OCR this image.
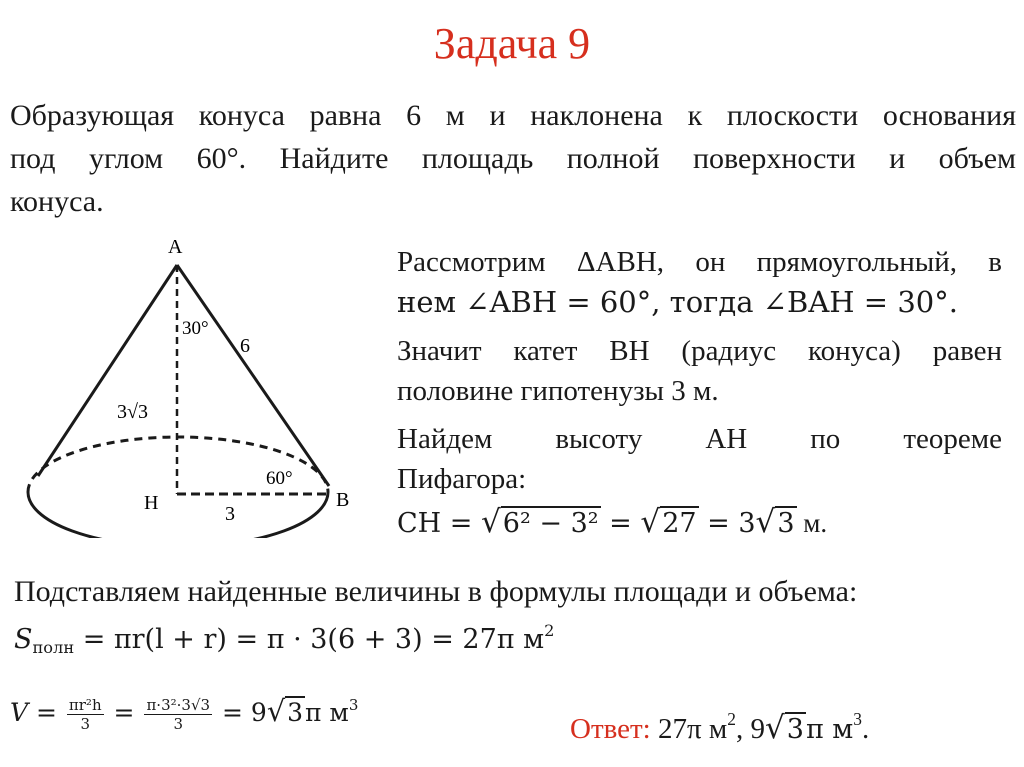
Задача 9
Образующая конуса равна 6 м и наклонена к плоскости основания
под углом 60°. Найдите площадь полной поверхности и объем
конуса.
A
H	B
30°
60°
6
3
3√3
Рассмотрим ΔABH, он прямоугольный, в
нем ∠ABH = 60°, тогда ∠BAH = 30°.
Значит катет BH (радиус конуса) равен
половине гипотенузы 3 м.
Найдем высоту AH по теореме
Пифагора:
CH = √6² − 3² = √27 = 3√3 м.
Подставляем найденные величины в формулы площади и объема:
$S_{полн} = \pi r(l + r) = \pi \cdot 3(6 + 3) = 27\pi$ $м^2$
$V = \frac{\text{πr²h}}{3} = \frac{\text{π·3²·3√3}}{3} = 9√3\pi$ $м^3$
Ответ: 27π $м^2$, 9√3π $м^3$.
